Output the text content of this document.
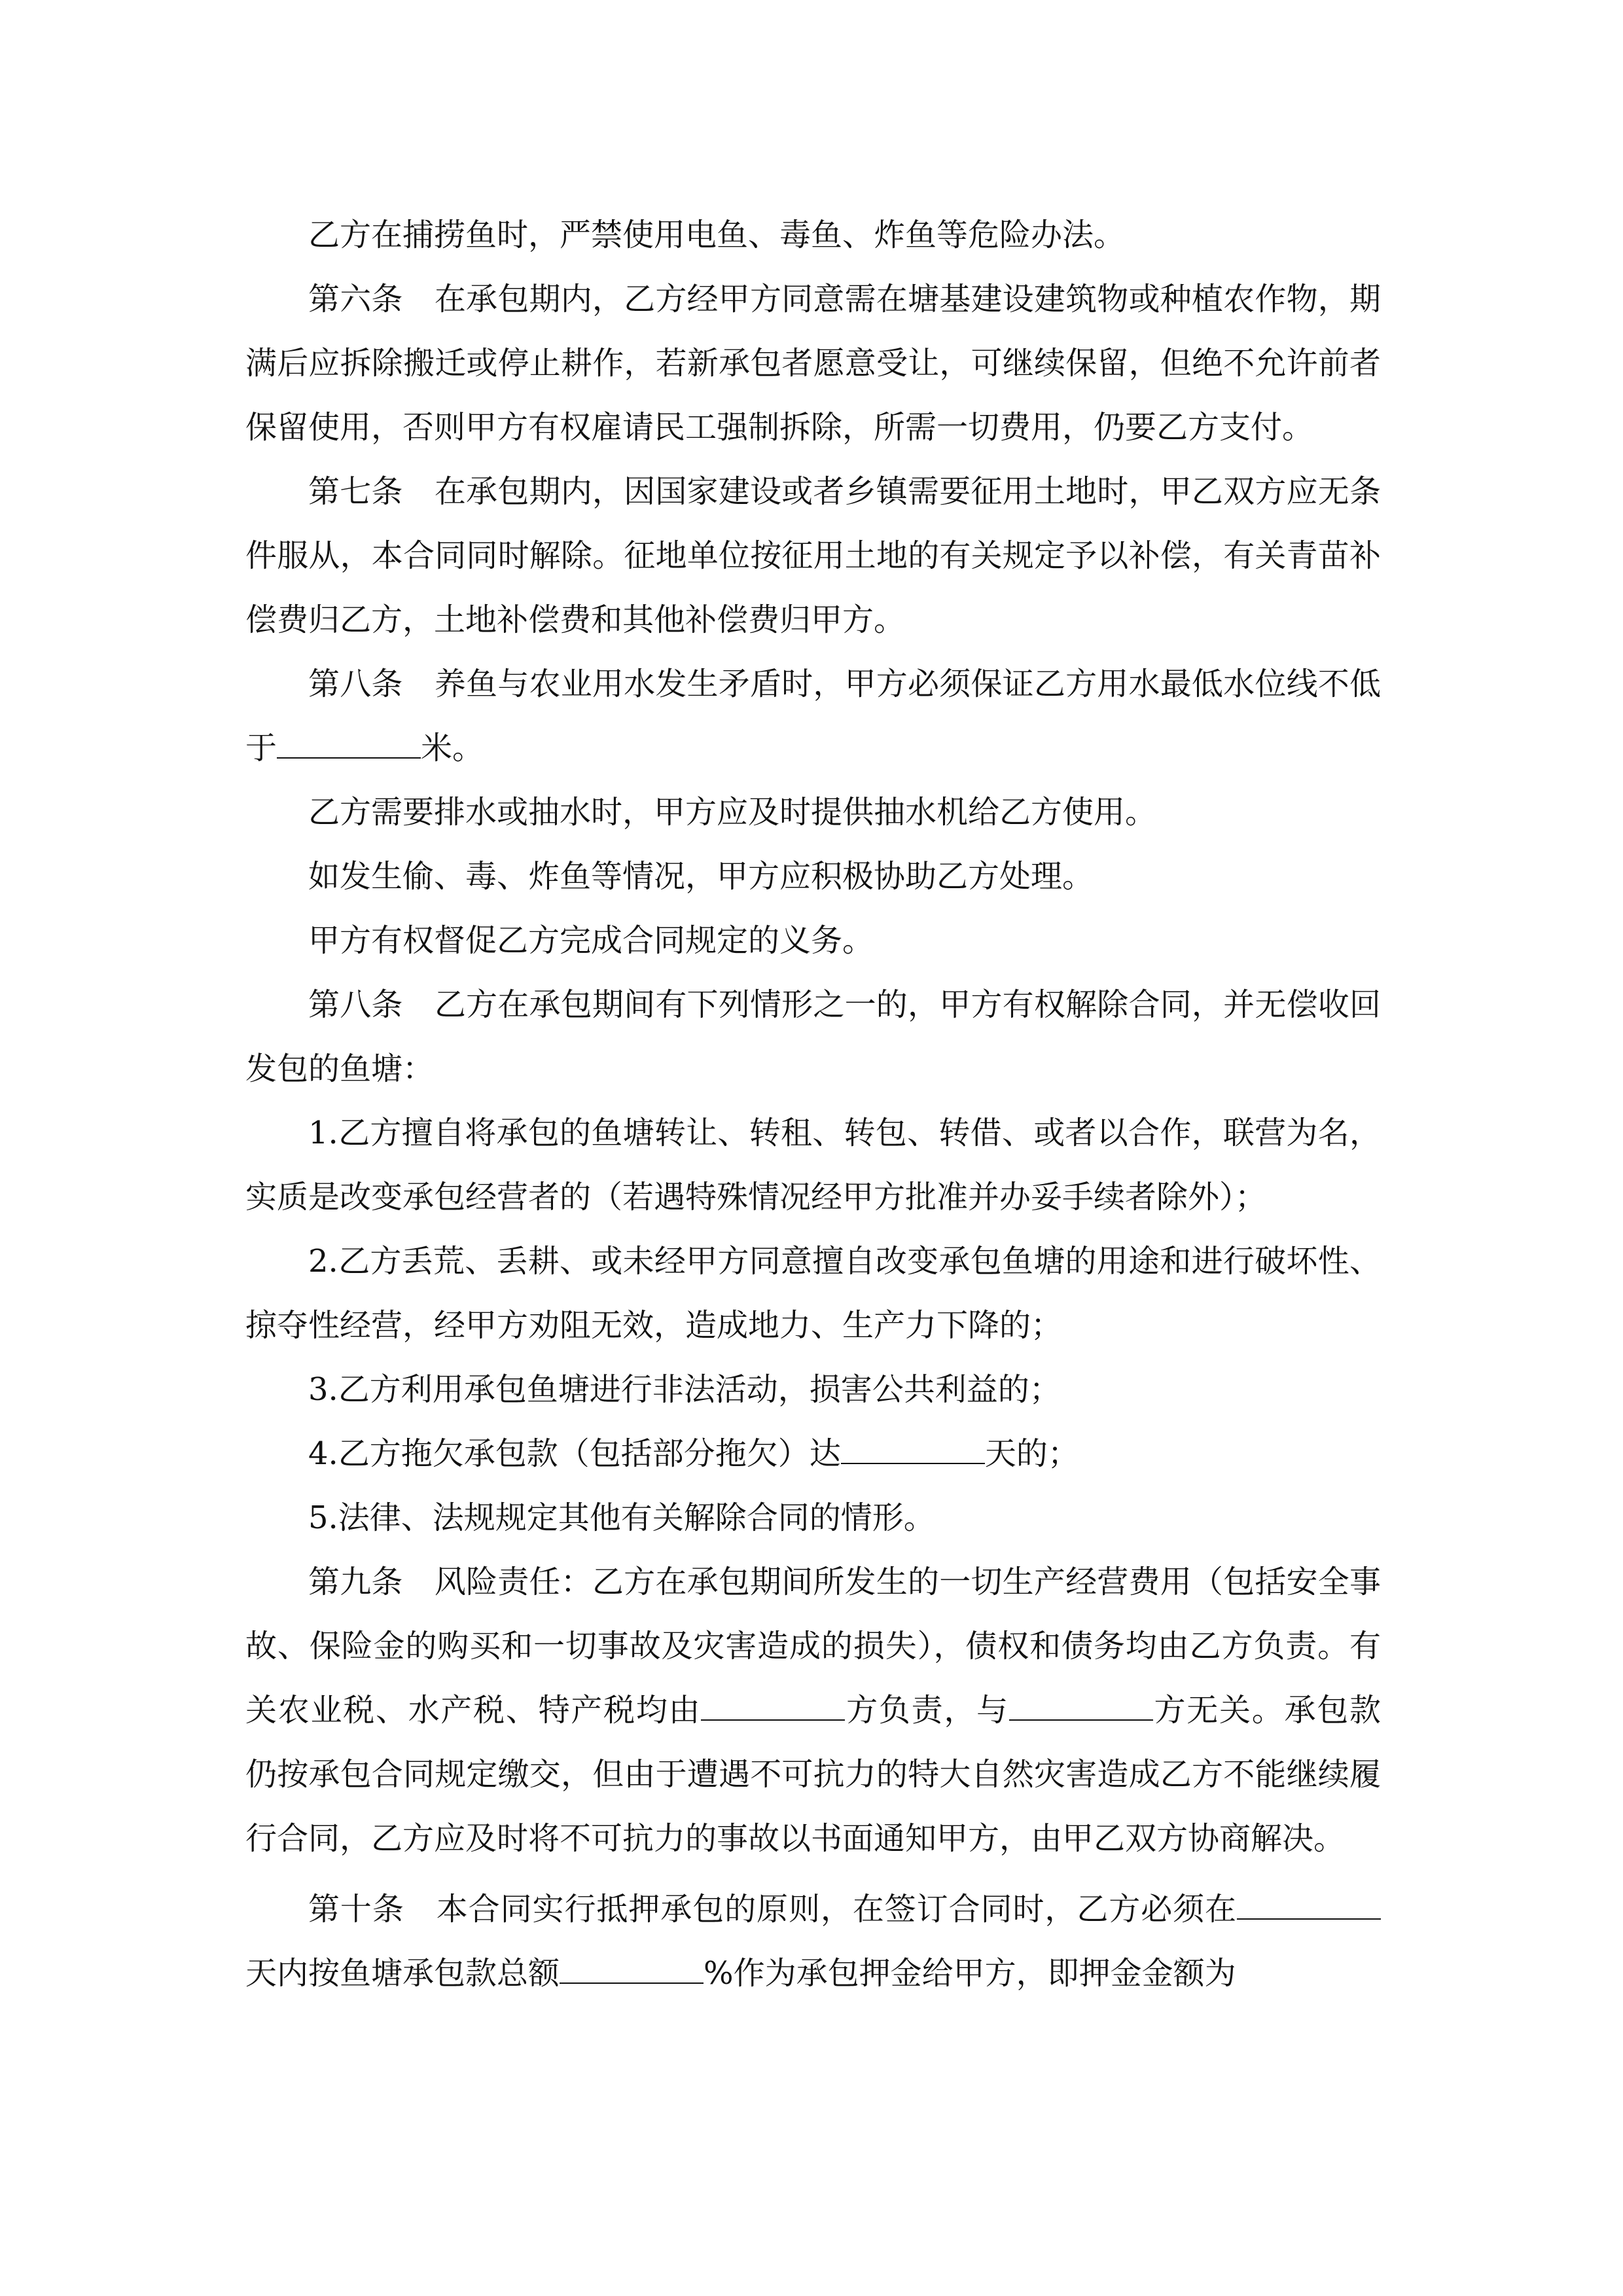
乙方在捕捞鱼时，严禁使用电鱼、毒鱼、炸鱼等危险办法。

第六条　在承包期内，乙方经甲方同意需在塘基建设建筑物或种植农作物，期满后应拆除搬迁或停止耕作，若新承包者愿意受让，可继续保留，但绝不允许前者保留使用，否则甲方有权雇请民工强制拆除，所需一切费用，仍要乙方支付。

第七条　在承包期内，因国家建设或者乡镇需要征用土地时，甲乙双方应无条件服从，本合同同时解除。征地单位按征用土地的有关规定予以补偿，有关青苗补偿费归乙方，土地补偿费和其他补偿费归甲方。

第八条　养鱼与农业用水发生矛盾时，甲方必须保证乙方用水最低水位线不低于	米。

乙方需要排水或抽水时，甲方应及时提供抽水机给乙方使用。

如发生偷、毒、炸鱼等情况，甲方应积极协助乙方处理。

甲方有权督促乙方完成合同规定的义务。

第八条　乙方在承包期间有下列情形之一的，甲方有权解除合同，并无偿收回发包的鱼塘：

1.乙方擅自将承包的鱼塘转让、转租、转包、转借、或者以合作，联营为名，实质是改变承包经营者的（若遇特殊情况经甲方批准并办妥手续者除外）；

2.乙方丢荒、丢耕、或未经甲方同意擅自改变承包鱼塘的用途和进行破坏性、掠夺性经营，经甲方劝阻无效，造成地力、生产力下降的；

3.乙方利用承包鱼塘进行非法活动，损害公共利益的；

4.乙方拖欠承包款（包括部分拖欠）达	天的；

5.法律、法规规定其他有关解除合同的情形。

第九条　风险责任：乙方在承包期间所发生的一切生产经营费用（包括安全事故、保险金的购买和一切事故及灾害造成的损失），债权和债务均由乙方负责。有关农业税、水产税、特产税均由	方负责，与	方无关。承包款仍按承包合同规定缴交，但由于遭遇不可抗力的特大自然灾害造成乙方不能继续履行合同，乙方应及时将不可抗力的事故以书面通知甲方，由甲乙双方协商解决。

第十条　本合同实行抵押承包的原则，在签订合同时，乙方必须在天内按鱼塘承包款总额	%作为承包押金给甲方，即押金金额为
